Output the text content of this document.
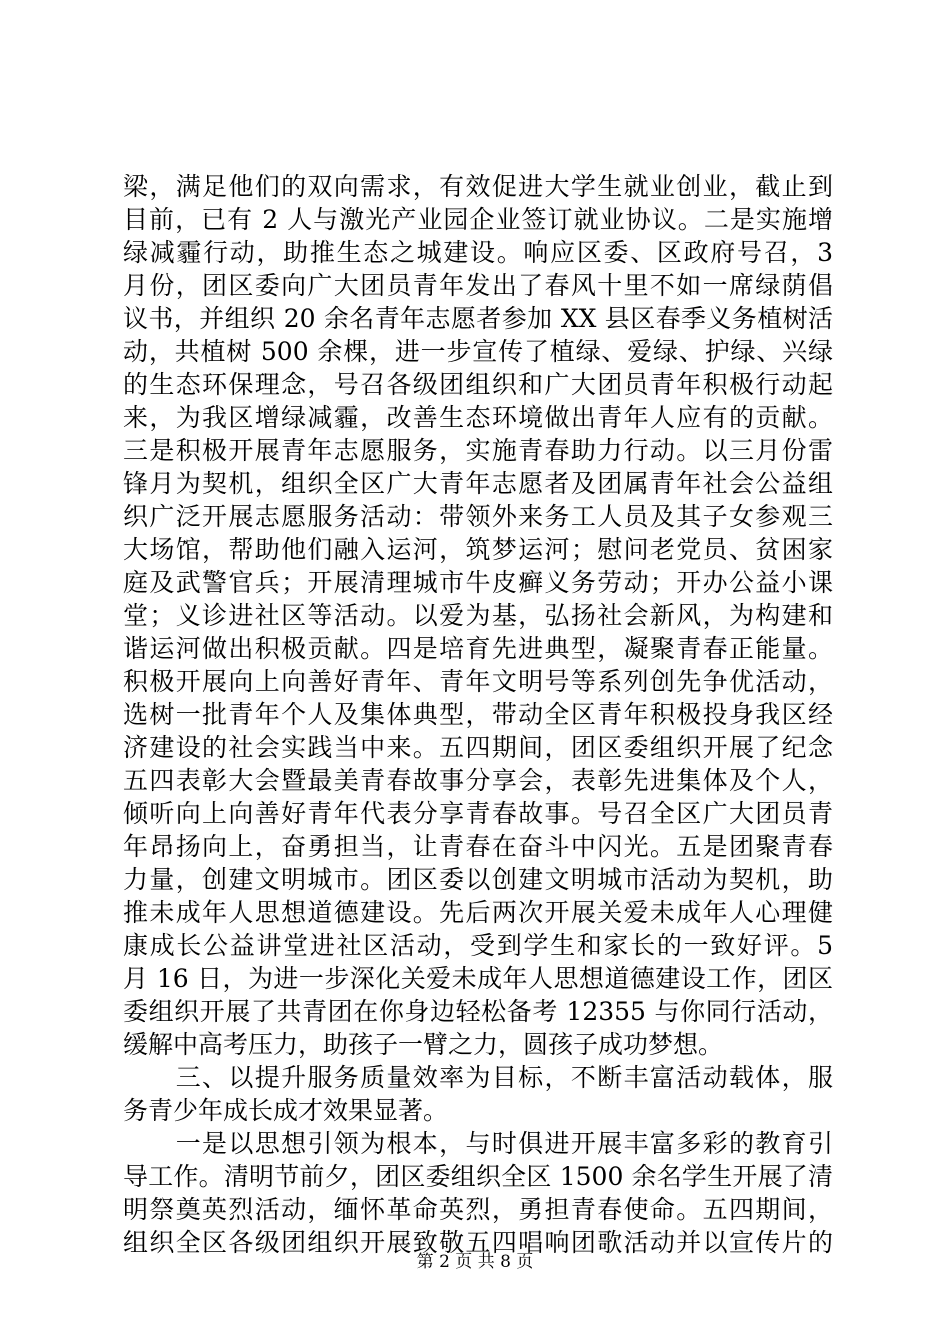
梁，满足他们的双向需求，有效促进大学生就业创业，截止到
目前，已有 2 人与激光产业园企业签订就业协议。二是实施增
绿减霾行动，助推生态之城建设。响应区委、区政府号召，3
月份，团区委向广大团员青年发出了春风十里不如一席绿荫倡
议书，并组织 20 余名青年志愿者参加 XX 县区春季义务植树活
动，共植树 500 余棵，进一步宣传了植绿、爱绿、护绿、兴绿
的生态环保理念，号召各级团组织和广大团员青年积极行动起
来，为我区增绿减霾，改善生态环境做出青年人应有的贡献。
三是积极开展青年志愿服务，实施青春助力行动。以三月份雷
锋月为契机，组织全区广大青年志愿者及团属青年社会公益组
织广泛开展志愿服务活动：带领外来务工人员及其子女参观三
大场馆，帮助他们融入运河，筑梦运河；慰问老党员、贫困家
庭及武警官兵；开展清理城市牛皮癣义务劳动；开办公益小课
堂；义诊进社区等活动。以爱为基，弘扬社会新风，为构建和
谐运河做出积极贡献。四是培育先进典型，凝聚青春正能量。
积极开展向上向善好青年、青年文明号等系列创先争优活动，
选树一批青年个人及集体典型，带动全区青年积极投身我区经
济建设的社会实践当中来。五四期间，团区委组织开展了纪念
五四表彰大会暨最美青春故事分享会，表彰先进集体及个人，
倾听向上向善好青年代表分享青春故事。号召全区广大团员青
年昂扬向上，奋勇担当，让青春在奋斗中闪光。五是团聚青春
力量，创建文明城市。团区委以创建文明城市活动为契机，助
推未成年人思想道德建设。先后两次开展关爱未成年人心理健
康成长公益讲堂进社区活动，受到学生和家长的一致好评。5
月 16 日，为进一步深化关爱未成年人思想道德建设工作，团区
委组织开展了共青团在你身边轻松备考 12355 与你同行活动，
缓解中高考压力，助孩子一臂之力，圆孩子成功梦想。
　　三、以提升服务质量效率为目标，不断丰富活动载体，服
务青少年成长成才效果显著。
　　一是以思想引领为根本，与时俱进开展丰富多彩的教育引
导工作。清明节前夕，团区委组织全区 1500 余名学生开展了清
明祭奠英烈活动，缅怀革命英烈，勇担青春使命。五四期间，
组织全区各级团组织开展致敬五四唱响团歌活动并以宣传片的
第 2 页 共 8 页
